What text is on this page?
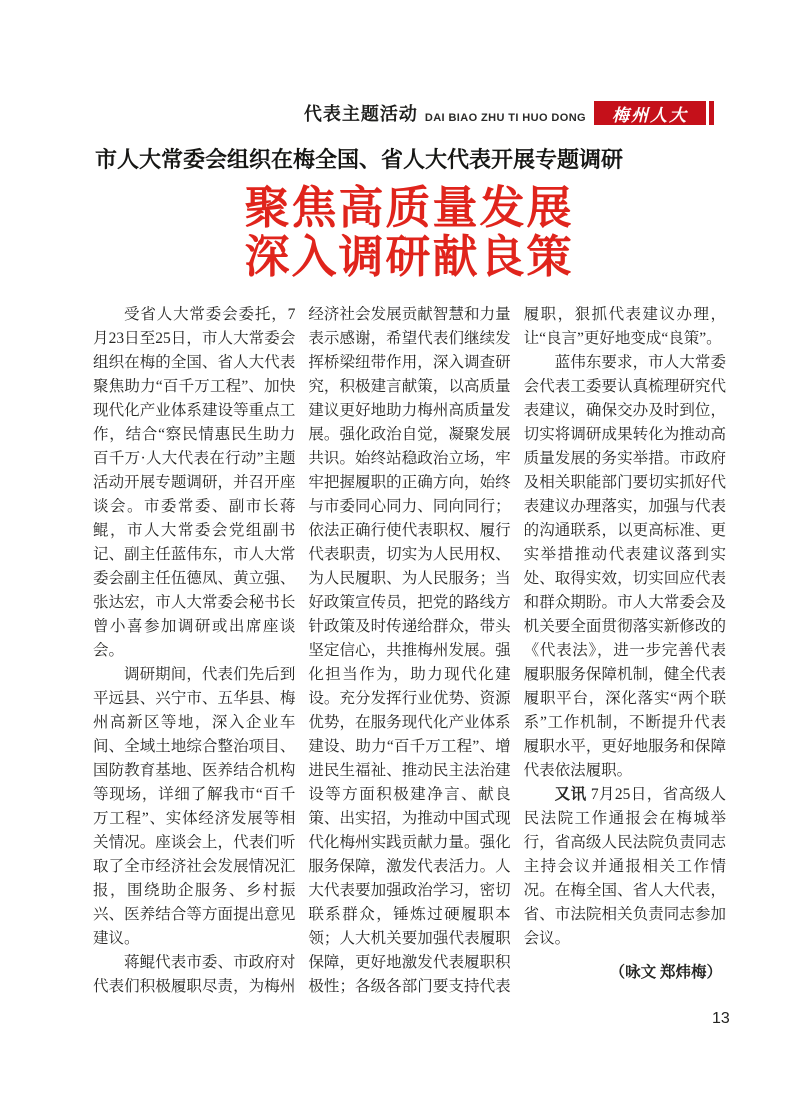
代表主题活动 DAI BIAO ZHU TI HUO DONG	梅州人大
市人大常委会组织在梅全国、省人大代表开展专题调研
聚焦高质量发展
深入调研献良策

受省人大常委会委托，7月23日至25日，市人大常委会组织在梅的全国、省人大代表聚焦助力“百千万工程”、加快现代化产业体系建设等重点工作，结合“察民情惠民生助力百千万·人大代表在行动”主题活动开展专题调研，并召开座谈会。市委常委、副市长蒋鲲，市人大常委会党组副书记、副主任蓝伟东，市人大常委会副主任伍德凤、黄立强、张达宏，市人大常委会秘书长曾小喜参加调研或出席座谈会。

调研期间，代表们先后到平远县、兴宁市、五华县、梅州高新区等地，深入企业车间、全域土地综合整治项目、国防教育基地、医养结合机构等现场，详细了解我市“百千万工程”、实体经济发展等相关情况。座谈会上，代表们听取了全市经济社会发展情况汇报，围绕助企服务、乡村振兴、医养结合等方面提出意见建议。

蒋鲲代表市委、市政府对代表们积极履职尽责，为梅州经济社会发展贡献智慧和力量表示感谢，希望代表们继续发挥桥梁纽带作用，深入调查研究，积极建言献策，以高质量建议更好地助力梅州高质量发展。强化政治自觉，凝聚发展共识。始终站稳政治立场，牢牢把握履职的正确方向，始终与市委同心同力、同向同行；依法正确行使代表职权、履行代表职责，切实为人民用权、为人民履职、为人民服务；当好政策宣传员，把党的路线方针政策及时传递给群众，带头坚定信心，共推梅州发展。强化担当作为，助力现代化建设。充分发挥行业优势、资源优势，在服务现代化产业体系建设、助力“百千万工程”、增进民生福祉、推动民主法治建设等方面积极建净言、献良策、出实招，为推动中国式现代化梅州实践贡献力量。强化服务保障，激发代表活力。人大代表要加强政治学习，密切联系群众，锤炼过硬履职本领；人大机关要加强代表履职保障，更好地激发代表履职积极性；各级各部门要支持代表履职，狠抓代表建议办理，让“良言”更好地变成“良策”。

蓝伟东要求，市人大常委会代表工委要认真梳理研究代表建议，确保交办及时到位，切实将调研成果转化为推动高质量发展的务实举措。市政府及相关职能部门要切实抓好代表建议办理落实，加强与代表的沟通联系，以更高标准、更实举措推动代表建议落到实处、取得实效，切实回应代表和群众期盼。市人大常委会及机关要全面贯彻落实新修改的《代表法》，进一步完善代表履职服务保障机制，健全代表履职平台，深化落实“两个联系”工作机制，不断提升代表履职水平，更好地服务和保障代表依法履职。

又讯 7月25日，省高级人民法院工作通报会在梅城举行，省高级人民法院负责同志主持会议并通报相关工作情况。在梅全国、省人大代表，省、市法院相关负责同志参加会议。

（咏文 郑炜梅）

13
